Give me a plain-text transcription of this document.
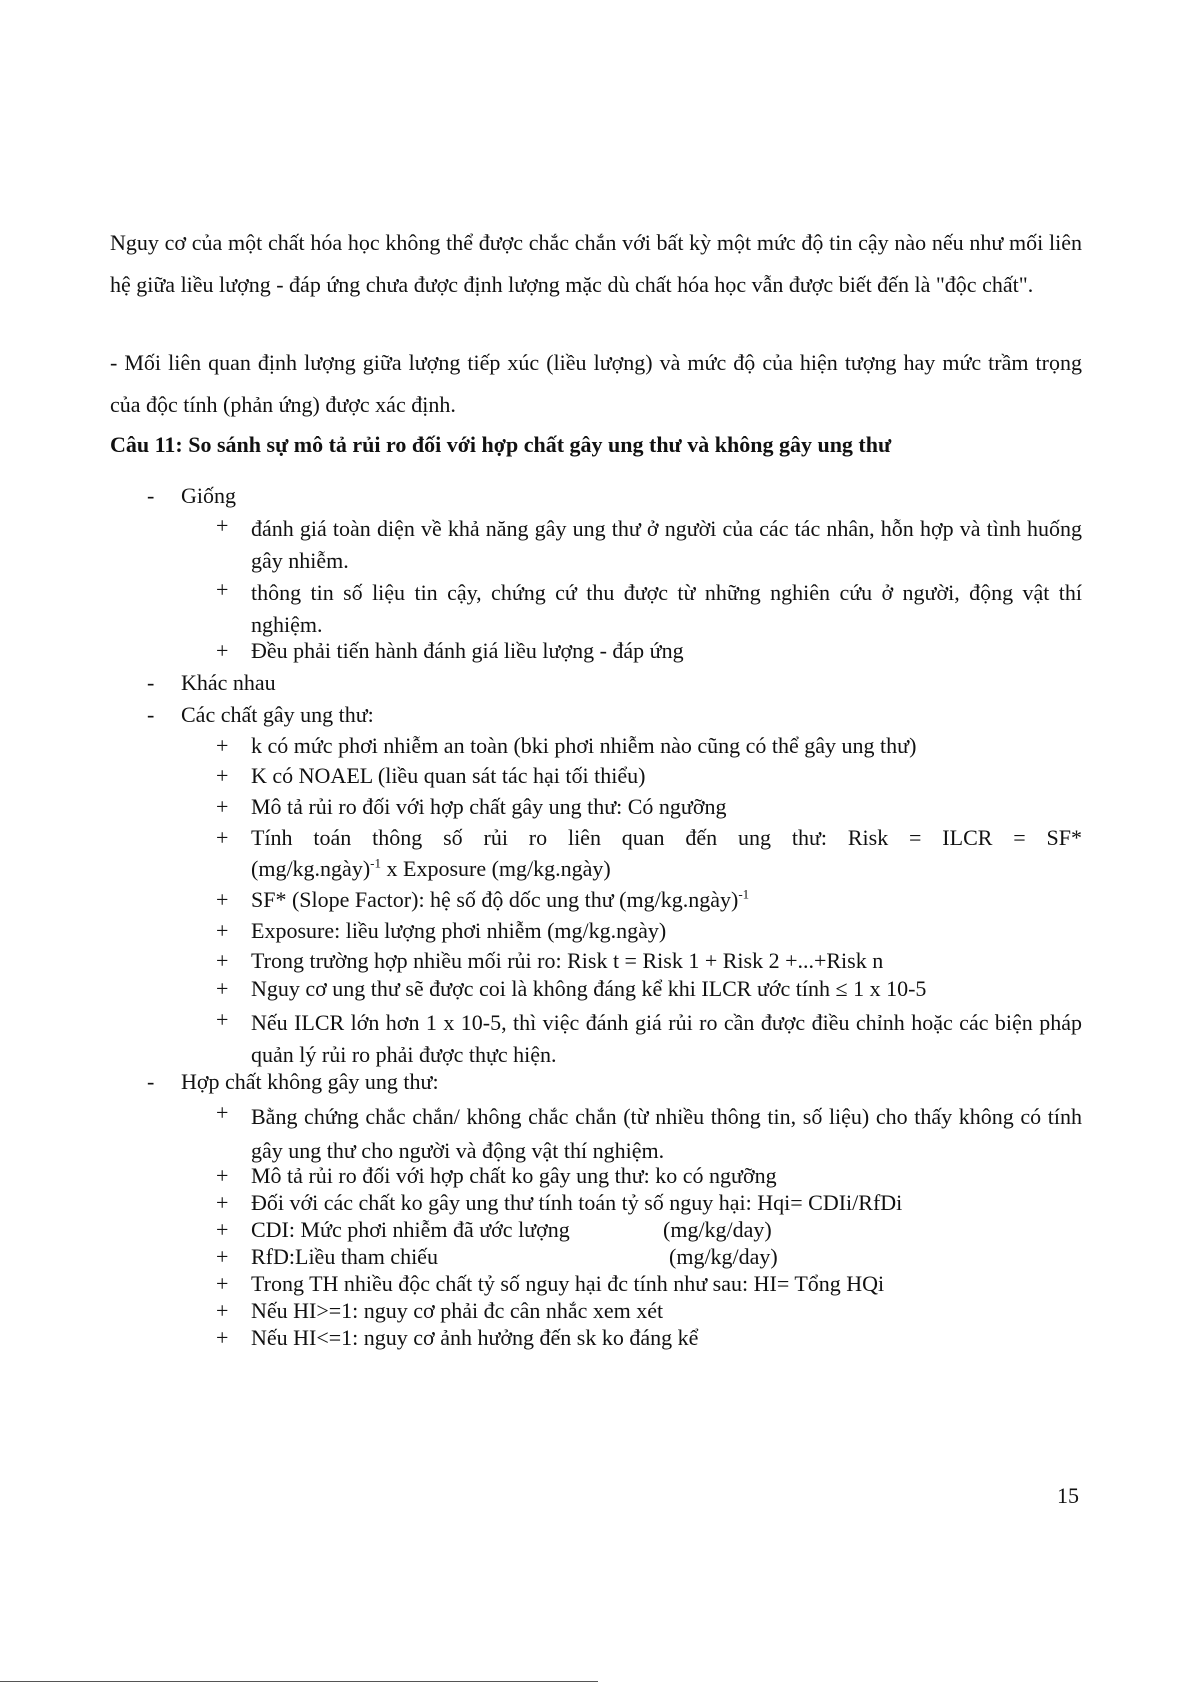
Nguy cơ của một chất hóa học không thể được chắc chắn với bất kỳ một mức độ tin cậy nào nếu như mối liên hệ giữa liều lượng - đáp ứng chưa được định lượng mặc dù chất hóa học vẫn được biết đến là "độc chất".
- Mối liên quan định lượng giữa lượng tiếp xúc (liều lượng) và mức độ của hiện tượng hay mức trầm trọng của độc tính (phản ứng) được xác định.
Câu 11: So sánh sự mô tả rủi ro đối với hợp chất gây ung thư và không gây ung thư
- Giống
+ đánh giá toàn diện về khả năng gây ung thư ở người của các tác nhân, hỗn hợp và tình huống gây nhiễm.
+ thông tin số liệu tin cậy, chứng cứ thu được từ những nghiên cứu ở người, động vật thí nghiệm.
+ Đều phải tiến hành đánh giá liều lượng - đáp ứng
- Khác nhau
- Các chất gây ung thư:
+ k có mức phơi nhiễm an toàn (bki phơi nhiễm nào cũng có thể gây ung thư)
+ K có NOAEL (liều quan sát tác hại tối thiểu)
+ Mô tả rủi ro đối với hợp chất gây ung thư: Có ngưỡng
+ Tính toán thông số rủi ro liên quan đến ung thư: Risk = ILCR = SF*
(mg/kg.ngày)$^{-1}$ x Exposure (mg/kg.ngày)
+ SF* (Slope Factor): hệ số độ dốc ung thư (mg/kg.ngày)$^{-1}$
+ Exposure: liều lượng phơi nhiễm (mg/kg.ngày)
+ Trong trường hợp nhiều mối rủi ro: Risk t = Risk 1 + Risk 2 +...+Risk n
+ Nguy cơ ung thư sẽ được coi là không đáng kể khi ILCR ước tính ≤ 1 x 10-5
+ Nếu ILCR lớn hơn 1 x 10-5, thì việc đánh giá rủi ro cần được điều chỉnh hoặc các biện pháp quản lý rủi ro phải được thực hiện.
- Hợp chất không gây ung thư:
+ Bằng chứng chắc chắn/ không chắc chắn (từ nhiều thông tin, số liệu) cho thấy không có tính gây ung thư cho người và động vật thí nghiệm.
+ Mô tả rủi ro đối với hợp chất ko gây ung thư: ko có ngưỡng
+ Đối với các chất ko gây ung thư tính toán tỷ số nguy hại: Hqi= CDIi/RfDi
+ CDI: Mức phơi nhiễm đã ước lượng	(mg/kg/day)
+ RfD:Liều tham chiếu	(mg/kg/day)
+ Trong TH nhiều độc chất tỷ số nguy hại đc tính như sau: HI= Tổng HQi
+ Nếu HI>=1: nguy cơ phải đc cân nhắc xem xét
+ Nếu HI<=1: nguy cơ ảnh hưởng đến sk ko đáng kể
15
